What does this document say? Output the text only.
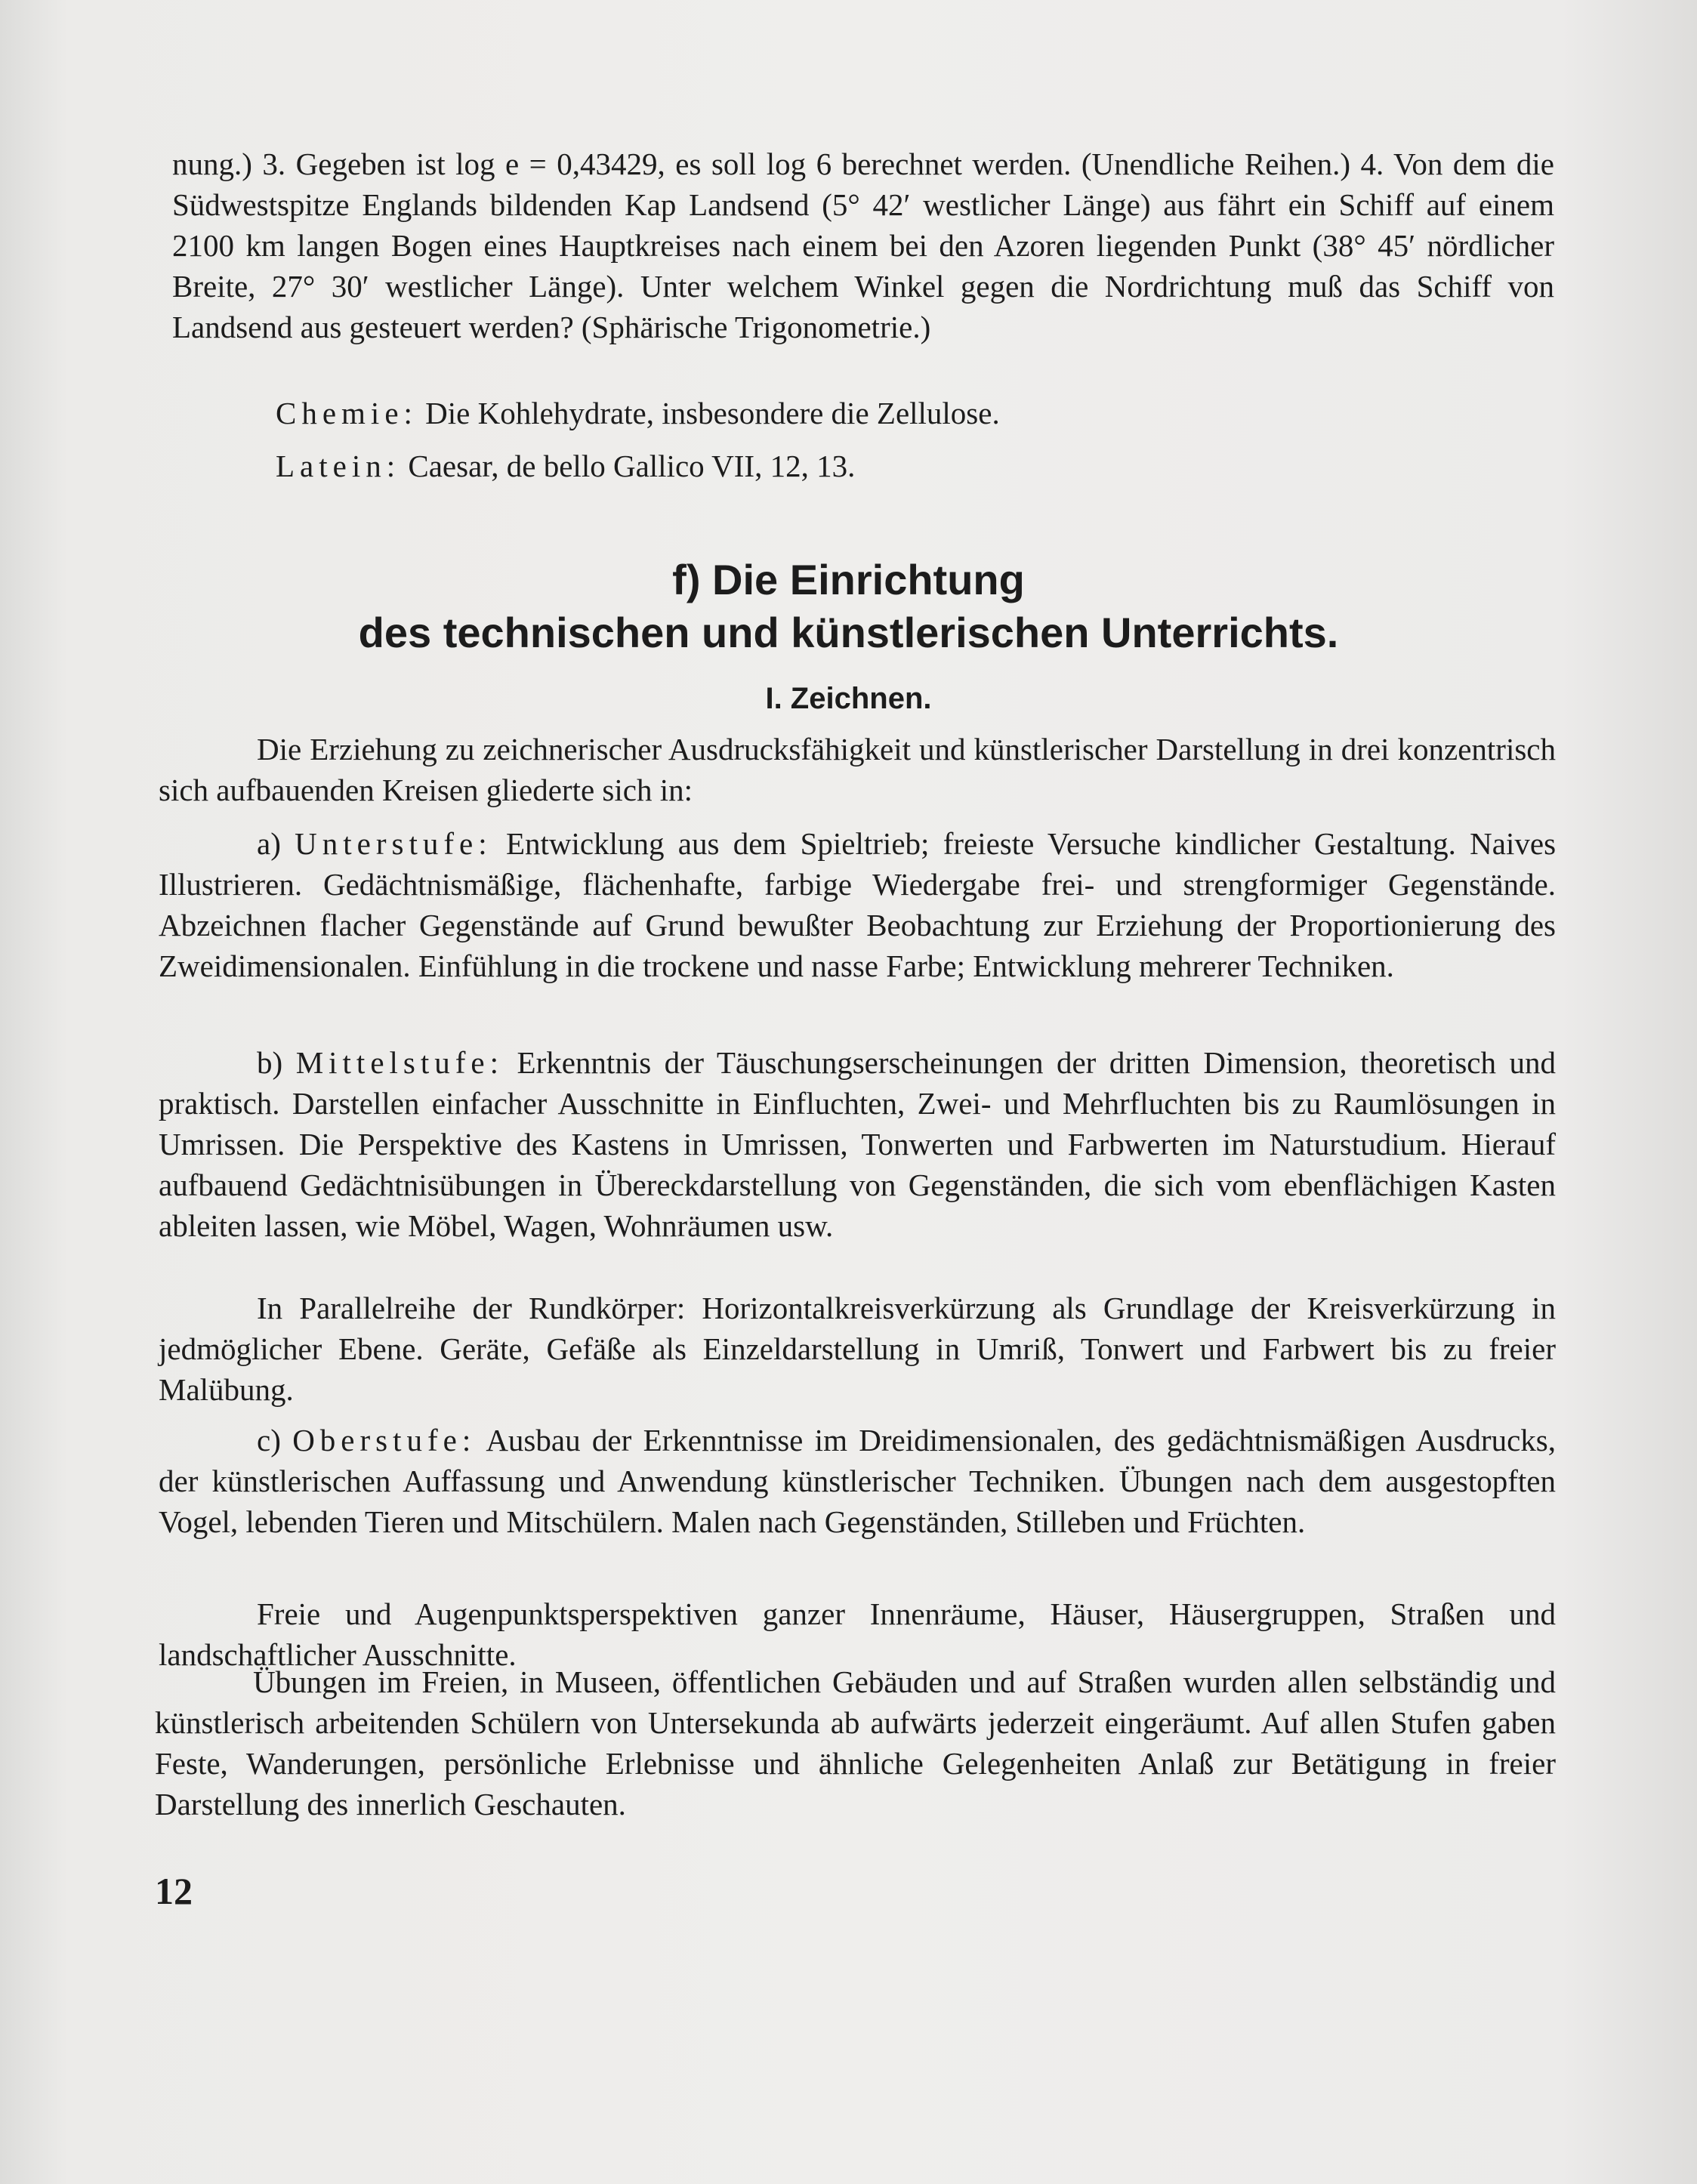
nung.) 3. Gegeben ist log e = 0,43429, es soll log 6 berechnet werden. (Unendliche Reihen.) 4. Von dem die Südwestspitze Englands bildenden Kap Landsend (5° 42′ westlicher Länge) aus fährt ein Schiff auf einem 2100 km langen Bogen eines Hauptkreises nach einem bei den Azoren liegenden Punkt (38° 45′ nördlicher Breite, 27° 30′ westlicher Länge). Unter welchem Winkel gegen die Nordrichtung muß das Schiff von Landsend aus gesteuert werden? (Sphärische Trigonometrie.)

Chemie: Die Kohlehydrate, insbesondere die Zellulose.

Latein: Caesar, de bello Gallico VII, 12, 13.

f) Die Einrichtung
des technischen und künstlerischen Unterrichts.
I. Zeichnen.

Die Erziehung zu zeichnerischer Ausdrucksfähigkeit und künstlerischer Darstellung in drei konzentrisch sich aufbauenden Kreisen gliederte sich in:

a) Unterstufe: Entwicklung aus dem Spieltrieb; freieste Versuche kindlicher Gestaltung. Naives Illustrieren. Gedächtnismäßige, flächenhafte, farbige Wiedergabe frei- und strengformiger Gegenstände. Abzeichnen flacher Gegenstände auf Grund bewußter Beobachtung zur Erziehung der Proportionierung des Zweidimensionalen. Einfühlung in die trockene und nasse Farbe; Entwicklung mehrerer Techniken.

b) Mittelstufe: Erkenntnis der Täuschungserscheinungen der dritten Dimension, theoretisch und praktisch. Darstellen einfacher Ausschnitte in Einfluchten, Zwei- und Mehrfluchten bis zu Raumlösungen in Umrissen. Die Perspektive des Kastens in Umrissen, Tonwerten und Farbwerten im Naturstudium. Hierauf aufbauend Gedächtnisübungen in Übereckdarstellung von Gegenständen, die sich vom ebenflächigen Kasten ableiten lassen, wie Möbel, Wagen, Wohnräumen usw.

In Parallelreihe der Rundkörper: Horizontalkreisverkürzung als Grundlage der Kreisverkürzung in jedmöglicher Ebene. Geräte, Gefäße als Einzeldarstellung in Umriß, Tonwert und Farbwert bis zu freier Malübung.

c) Oberstufe: Ausbau der Erkenntnisse im Dreidimensionalen, des gedächtnismäßigen Ausdrucks, der künstlerischen Auffassung und Anwendung künstlerischer Techniken. Übungen nach dem ausgestopften Vogel, lebenden Tieren und Mitschülern. Malen nach Gegenständen, Stilleben und Früchten.

Freie und Augenpunktsperspektiven ganzer Innenräume, Häuser, Häusergruppen, Straßen und landschaftlicher Ausschnitte.

Übungen im Freien, in Museen, öffentlichen Gebäuden und auf Straßen wurden allen selbständig und künstlerisch arbeitenden Schülern von Untersekunda ab aufwärts jederzeit eingeräumt. Auf allen Stufen gaben Feste, Wanderungen, persönliche Erlebnisse und ähnliche Gelegenheiten Anlaß zur Betätigung in freier Darstellung des innerlich Geschauten.

12
